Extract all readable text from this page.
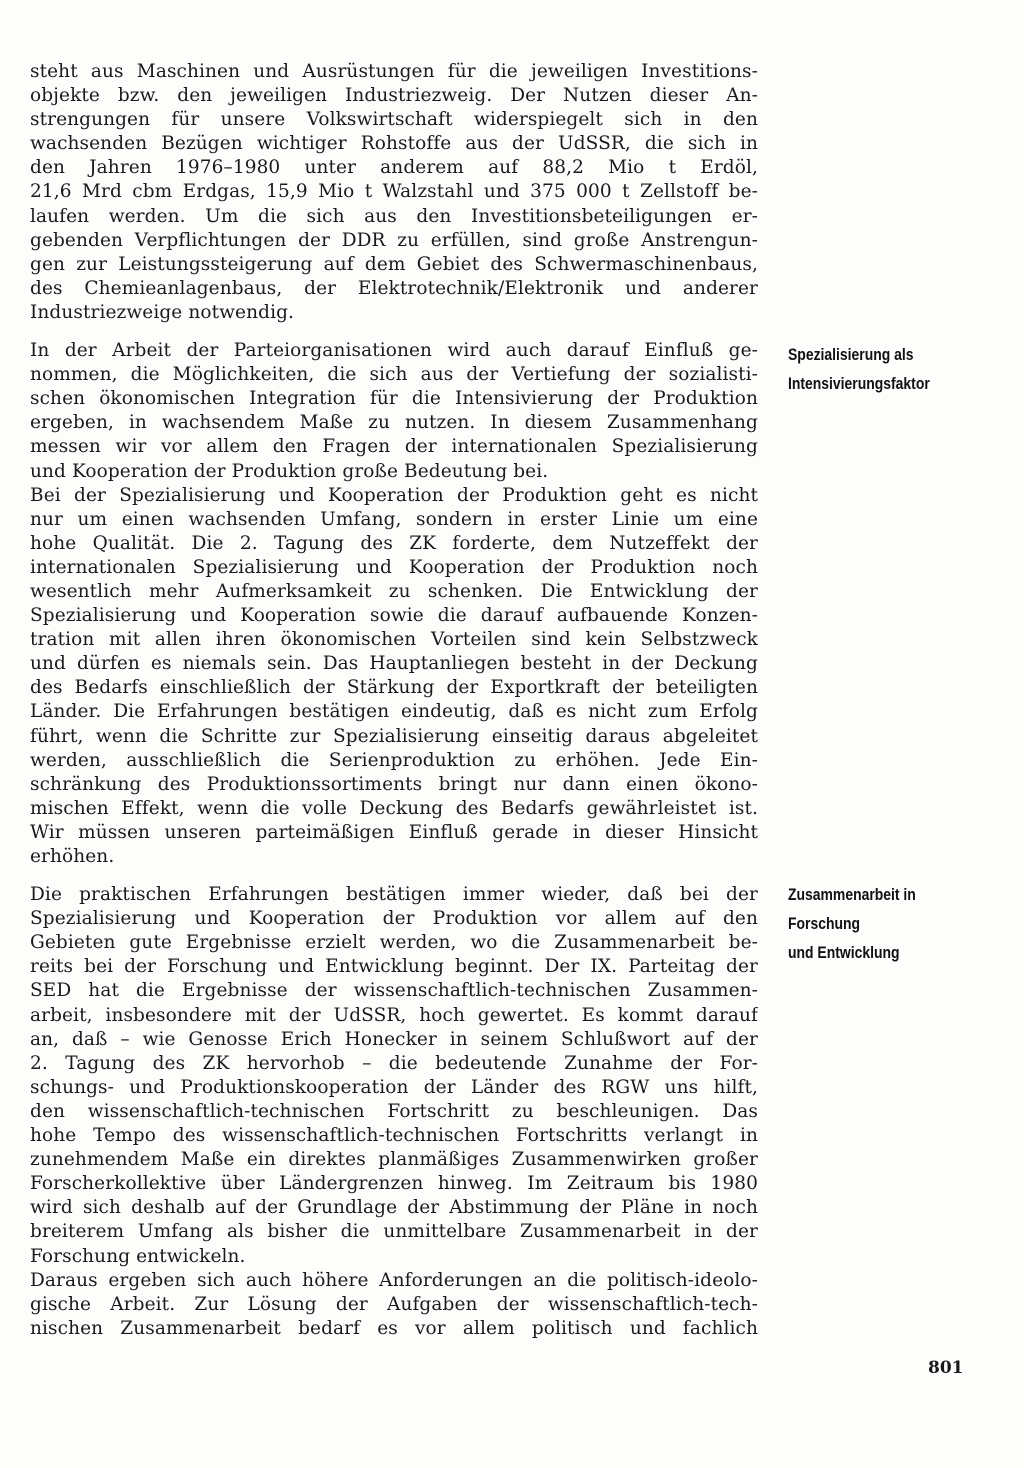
steht aus Maschinen und Ausrüstungen für die jeweiligen Investitions-
objekte bzw. den jeweiligen Industriezweig. Der Nutzen dieser An-
strengungen für unsere Volkswirtschaft widerspiegelt sich in den
wachsenden Bezügen wichtiger Rohstoffe aus der UdSSR, die sich in
den Jahren 1976–1980 unter anderem auf 88,2 Mio t Erdöl,
21,6 Mrd cbm Erdgas, 15,9 Mio t Walzstahl und 375 000 t Zellstoff be-
laufen werden. Um die sich aus den Investitionsbeteiligungen er-
gebenden Verpflichtungen der DDR zu erfüllen, sind große Anstrengun-
gen zur Leistungssteigerung auf dem Gebiet des Schwermaschinenbaus,
des Chemieanlagenbaus, der Elektrotechnik/Elektronik und anderer
Industriezweige notwendig.

In der Arbeit der Parteiorganisationen wird auch darauf Einfluß ge-
nommen, die Möglichkeiten, die sich aus der Vertiefung der sozialisti-
schen ökonomischen Integration für die Intensivierung der Produktion
ergeben, in wachsendem Maße zu nutzen. In diesem Zusammenhang
messen wir vor allem den Fragen der internationalen Spezialisierung
und Kooperation der Produktion große Bedeutung bei.

Bei der Spezialisierung und Kooperation der Produktion geht es nicht
nur um einen wachsenden Umfang, sondern in erster Linie um eine
hohe Qualität. Die 2. Tagung des ZK forderte, dem Nutzeffekt der
internationalen Spezialisierung und Kooperation der Produktion noch
wesentlich mehr Aufmerksamkeit zu schenken. Die Entwicklung der
Spezialisierung und Kooperation sowie die darauf aufbauende Konzen-
tration mit allen ihren ökonomischen Vorteilen sind kein Selbstzweck
und dürfen es niemals sein. Das Hauptanliegen besteht in der Deckung
des Bedarfs einschließlich der Stärkung der Exportkraft der beteiligten
Länder. Die Erfahrungen bestätigen eindeutig, daß es nicht zum Erfolg
führt, wenn die Schritte zur Spezialisierung einseitig daraus abgeleitet
werden, ausschließlich die Serienproduktion zu erhöhen. Jede Ein-
schränkung des Produktionssortiments bringt nur dann einen ökono-
mischen Effekt, wenn die volle Deckung des Bedarfs gewährleistet ist.
Wir müssen unseren parteimäßigen Einfluß gerade in dieser Hinsicht
erhöhen.

Die praktischen Erfahrungen bestätigen immer wieder, daß bei der
Spezialisierung und Kooperation der Produktion vor allem auf den
Gebieten gute Ergebnisse erzielt werden, wo die Zusammenarbeit be-
reits bei der Forschung und Entwicklung beginnt. Der IX. Parteitag der
SED hat die Ergebnisse der wissenschaftlich-technischen Zusammen-
arbeit, insbesondere mit der UdSSR, hoch gewertet. Es kommt darauf
an, daß – wie Genosse Erich Honecker in seinem Schlußwort auf der
2. Tagung des ZK hervorhob – die bedeutende Zunahme der For-
schungs- und Produktionskooperation der Länder des RGW uns hilft,
den wissenschaftlich-technischen Fortschritt zu beschleunigen. Das
hohe Tempo des wissenschaftlich-technischen Fortschritts verlangt in
zunehmendem Maße ein direktes planmäßiges Zusammenwirken großer
Forscherkollektive über Ländergrenzen hinweg. Im Zeitraum bis 1980
wird sich deshalb auf der Grundlage der Abstimmung der Pläne in noch
breiterem Umfang als bisher die unmittelbare Zusammenarbeit in der
Forschung entwickeln.

Daraus ergeben sich auch höhere Anforderungen an die politisch-ideolo-
gische Arbeit. Zur Lösung der Aufgaben der wissenschaftlich-tech-
nischen Zusammenarbeit bedarf es vor allem politisch und fachlich

Spezialisierung als
Intensivierungsfaktor
Zusammenarbeit in
Forschung
und Entwicklung
801
